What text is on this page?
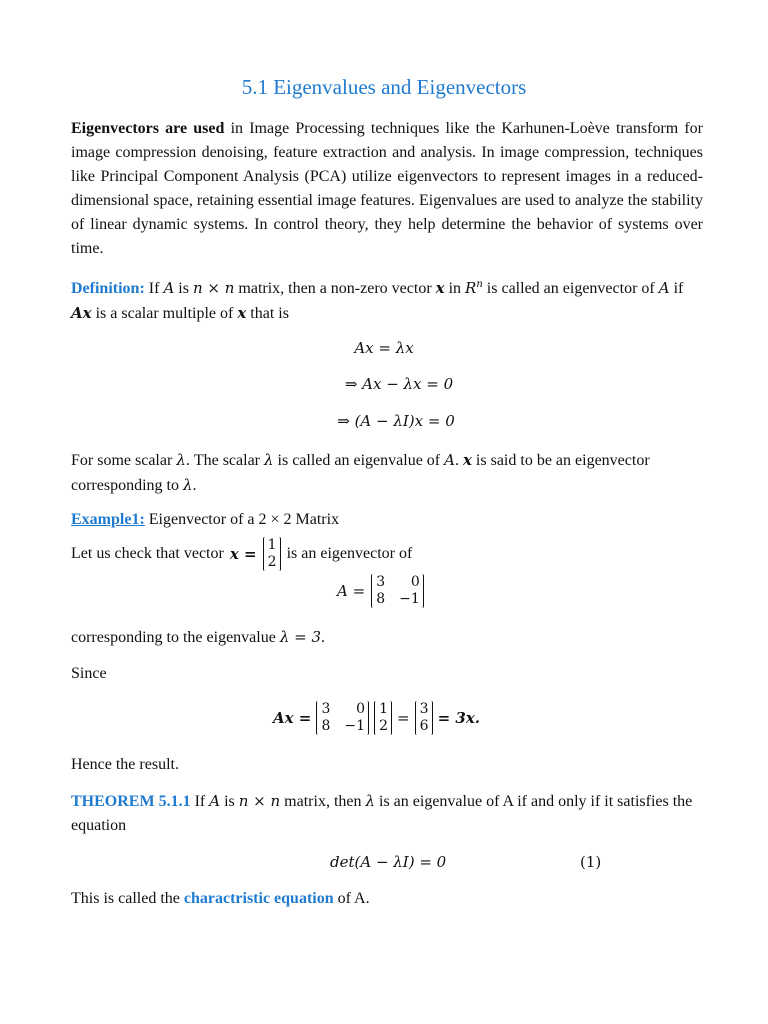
5.1 Eigenvalues and Eigenvectors

Eigenvectors are used in Image Processing techniques like the Karhunen-Loève transform for image compression denoising, feature extraction and analysis. In image compression, techniques like Principal Component Analysis (PCA) utilize eigenvectors to represent images in a reduced-dimensional space, retaining essential image features. Eigenvalues are used to analyze the stability of linear dynamic systems. In control theory, they help determine the behavior of systems over time.

Definition: If A is n × n matrix, then a non-zero vector x in $R^n$ is called an eigenvector of A if Ax is a scalar multiple of x that is

Ax = λx
⇒ Ax − λx = 0
⇒ (A − λI)x = 0

For some scalar λ. The scalar λ is called an eigenvalue of A. x is said to be an eigenvector corresponding to λ.

Example1: Eigenvector of a 2 × 2 Matrix

Let us check that vector x = 1
2 is an eigenvector of
A = 3 0
8 −1

corresponding to the eigenvalue λ = 3.

Since

Ax = 3 0
8 −1
1
2 = 3
6 = 3x.

Hence the result.

THEOREM 5.1.1 If A is n × n matrix, then λ is an eigenvalue of A if and only if it satisfies the equation

det(A − λI) = 0	(1)

This is called the charactristic equation of A.
